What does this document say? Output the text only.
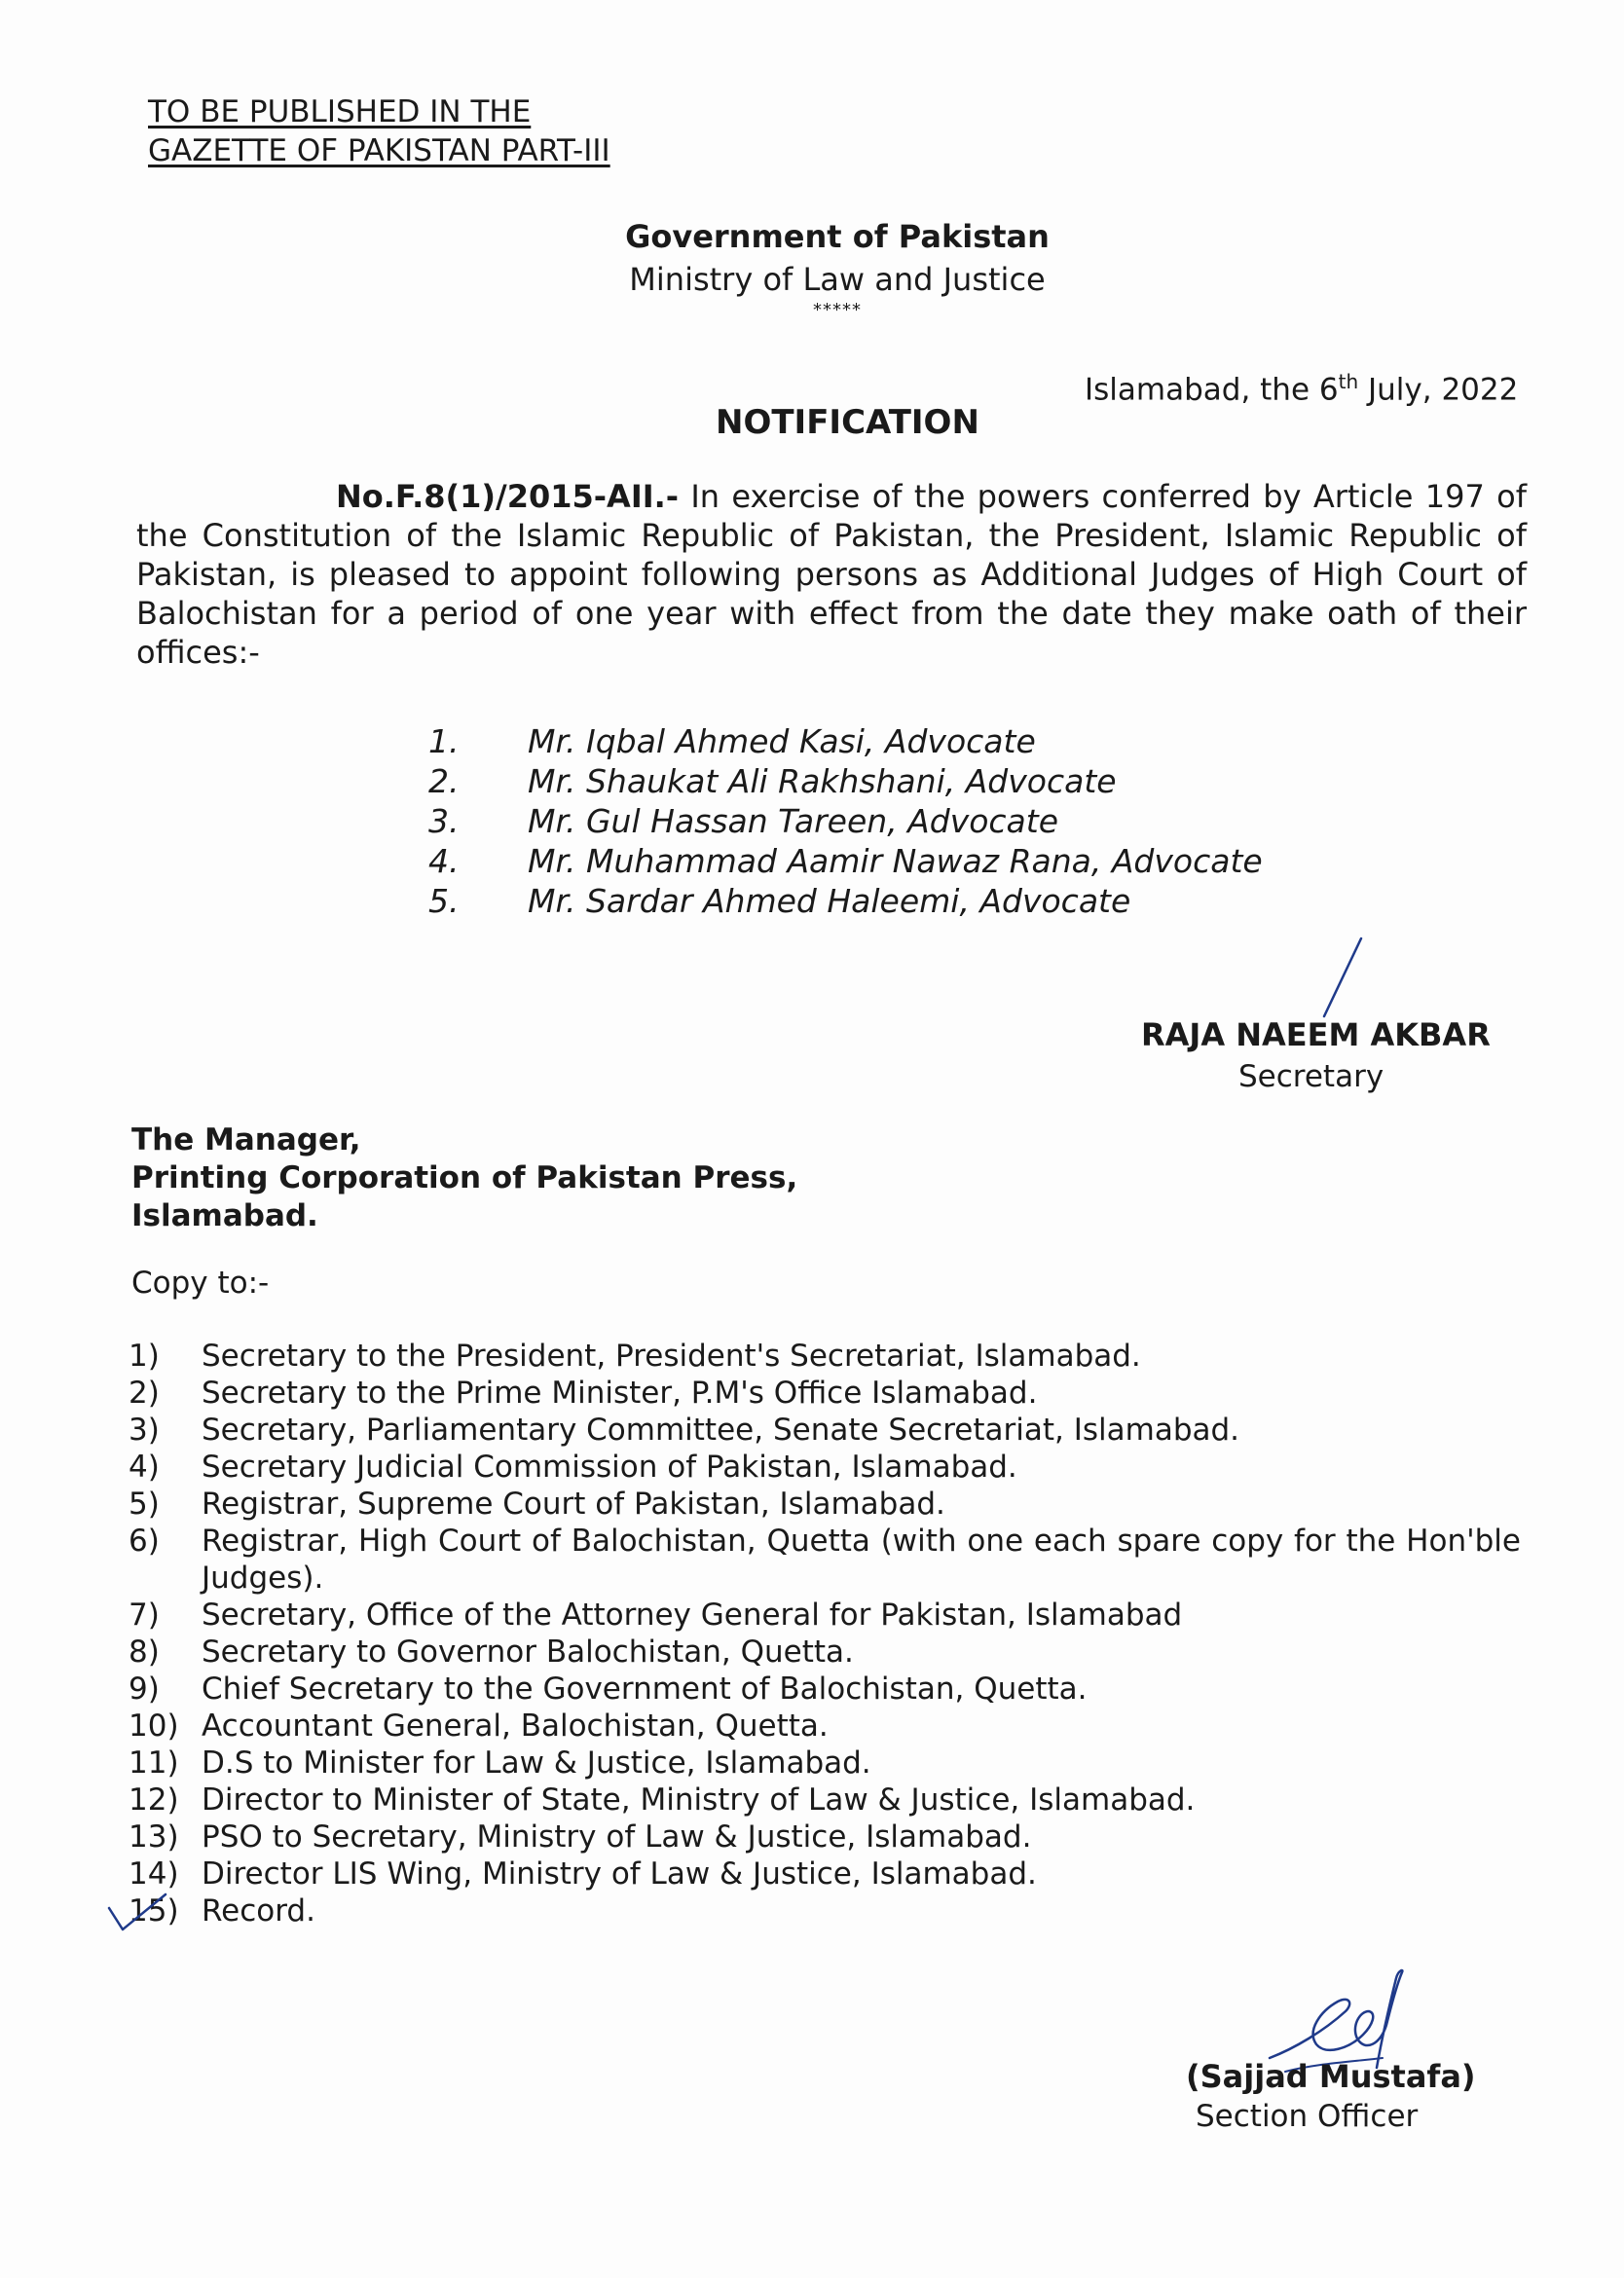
TO BE PUBLISHED IN THE
GAZETTE OF PAKISTAN PART-III
Government of Pakistan
Ministry of Law and Justice
*****
Islamabad, the 6th July, 2022
NOTIFICATION
No.F.8(1)/2015-AII.- In exercise of the powers conferred by Article 197 of the Constitution of the Islamic Republic of Pakistan, the President, Islamic Republic of Pakistan, is pleased to appoint following persons as Additional Judges of High Court of Balochistan for a period of one year with effect from the date they make oath of their offices:-
1.	Mr. Iqbal Ahmed Kasi, Advocate
2.	Mr. Shaukat Ali Rakhshani, Advocate
3.	Mr. Gul Hassan Tareen, Advocate
4.	Mr. Muhammad Aamir Nawaz Rana, Advocate
5.	Mr. Sardar Ahmed Haleemi, Advocate
RAJA NAEEM AKBAR
Secretary
The Manager,
Printing Corporation of Pakistan Press,
Islamabad.
Copy to:-
1)	Secretary to the President, President's Secretariat, Islamabad.
2)	Secretary to the Prime Minister, P.M's Office Islamabad.
3)	Secretary, Parliamentary Committee, Senate Secretariat, Islamabad.
4)	Secretary Judicial Commission of Pakistan, Islamabad.
5)	Registrar, Supreme Court of Pakistan, Islamabad.
6)	Registrar, High Court of Balochistan, Quetta (with one each spare copy for the Hon'ble Judges).
7)	Secretary, Office of the Attorney General for Pakistan, Islamabad
8)	Secretary to Governor Balochistan, Quetta.
9)	Chief Secretary to the Government of Balochistan, Quetta.
10) Accountant General, Balochistan, Quetta.
11) D.S to Minister for Law & Justice, Islamabad.
12) Director to Minister of State, Ministry of Law & Justice, Islamabad.
13) PSO to Secretary, Ministry of Law & Justice, Islamabad.
14) Director LIS Wing, Ministry of Law & Justice, Islamabad.
15) Record.
(Sajjad Mustafa)
Section Officer
